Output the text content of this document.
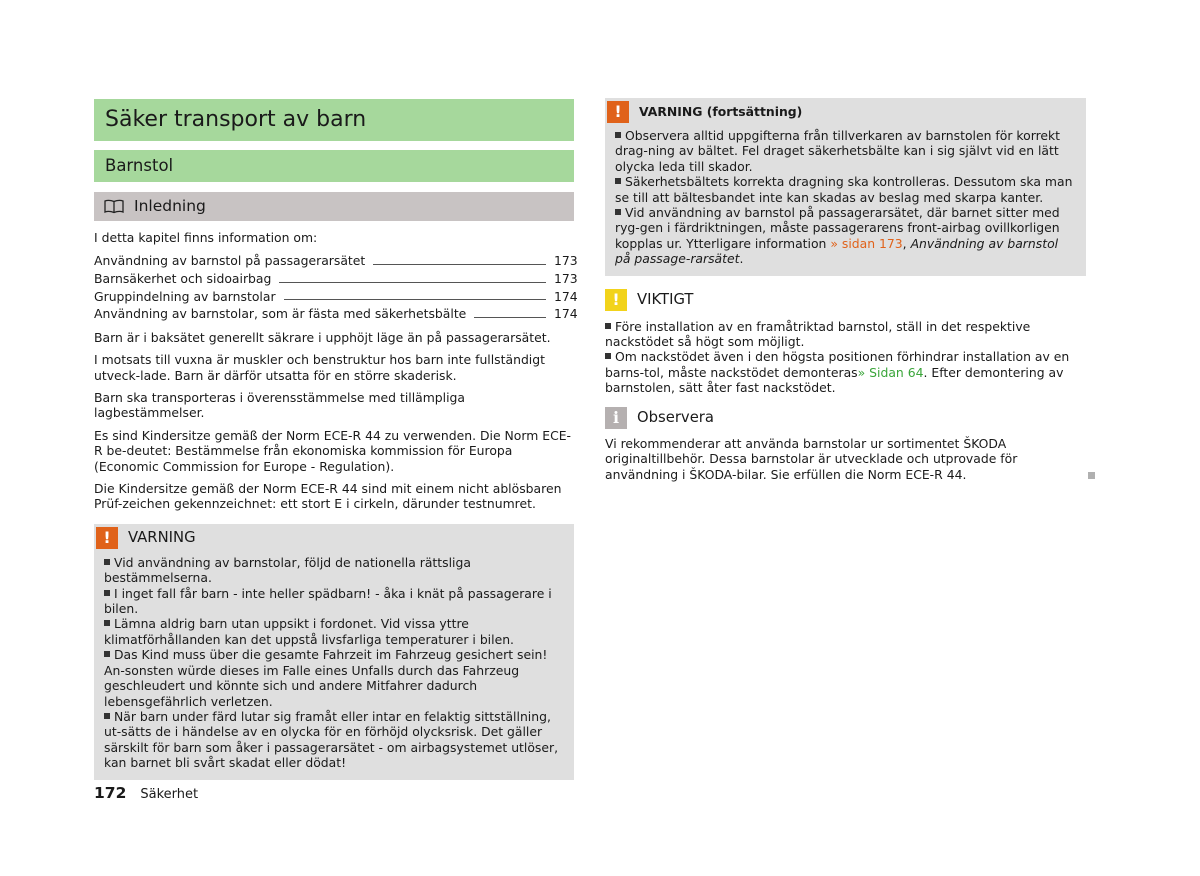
Säker transport av barn
Barnstol
Inledning
I detta kapitel finns information om:
Användning av barnstol på passagerarsätet	173
Barnsäkerhet och sidoairbag	173
Gruppindelning av barnstolar	174
Användning av barnstolar, som är fästa med säkerhetsbälte	174

Barn är i baksätet generellt säkrare i upphöjt läge än på passagerarsätet.

I motsats till vuxna är muskler och benstruktur hos barn inte fullständigt utveck-lade. Barn är därför utsatta för en större skaderisk.

Barn ska transporteras i överensstämmelse med tillämpliga lagbestämmelser.

Es sind Kindersitze gemäß der Norm ECE-R 44 zu verwenden. Die Norm ECE-R be-deutet: Bestämmelse från ekonomiska kommission för Europa (Economic Commission for Europe - Regulation).

Die Kindersitze gemäß der Norm ECE-R 44 sind mit einem nicht ablösbaren Prüf-zeichen gekennzeichnet: ett stort E i cirkeln, därunder testnumret.

!	VARNING
Vid användning av barnstolar, följd de nationella rättsliga bestämmelserna.
I inget fall får barn - inte heller spädbarn! - åka i knät på passagerare i bilen.
Lämna aldrig barn utan uppsikt i fordonet. Vid vissa yttre klimatförhållanden kan det uppstå livsfarliga temperaturer i bilen.
Das Kind muss über die gesamte Fahrzeit im Fahrzeug gesichert sein! An-sonsten würde dieses im Falle eines Unfalls durch das Fahrzeug geschleudert und könnte sich und andere Mitfahrer dadurch lebensgefährlich verletzen.
När barn under färd lutar sig framåt eller intar en felaktig sittställning, ut-sätts de i händelse av en olycka för en förhöjd olycksrisk. Det gäller särskilt för barn som åker i passagerarsätet - om airbagsystemet utlöser, kan barnet bli svårt skadat eller dödat!
!	VARNING (fortsättning)
Observera alltid uppgifterna från tillverkaren av barnstolen för korrekt drag-ning av bältet. Fel draget säkerhetsbälte kan i sig självt vid en lätt olycka leda till skador.
Säkerhetsbältets korrekta dragning ska kontrolleras. Dessutom ska man se till att bältesbandet inte kan skadas av beslag med skarpa kanter.
Vid användning av barnstol på passagerarsätet, där barnet sitter med ryg-gen i färdriktningen, måste passagerarens front-airbag ovillkorligen kopplas ur. Ytterligare information » sidan 173, Användning av barnstol på passage-rarsätet.
!	VIKTIGT
Före installation av en framåtriktad barnstol, ställ in det respektive nackstödet så högt som möjligt.
Om nackstödet även i den högsta positionen förhindrar installation av en barns-tol, måste nackstödet demonteras» Sidan 64. Efter demontering av barnstolen, sätt åter fast nackstödet.
i	Observera
Vi rekommenderar att använda barnstolar ur sortimentet ŠKODA originaltillbehör. Dessa barnstolar är utvecklade och utprovade för användning i ŠKODA-bilar. Sie erfüllen die Norm ECE-R 44.
172 Säkerhet
